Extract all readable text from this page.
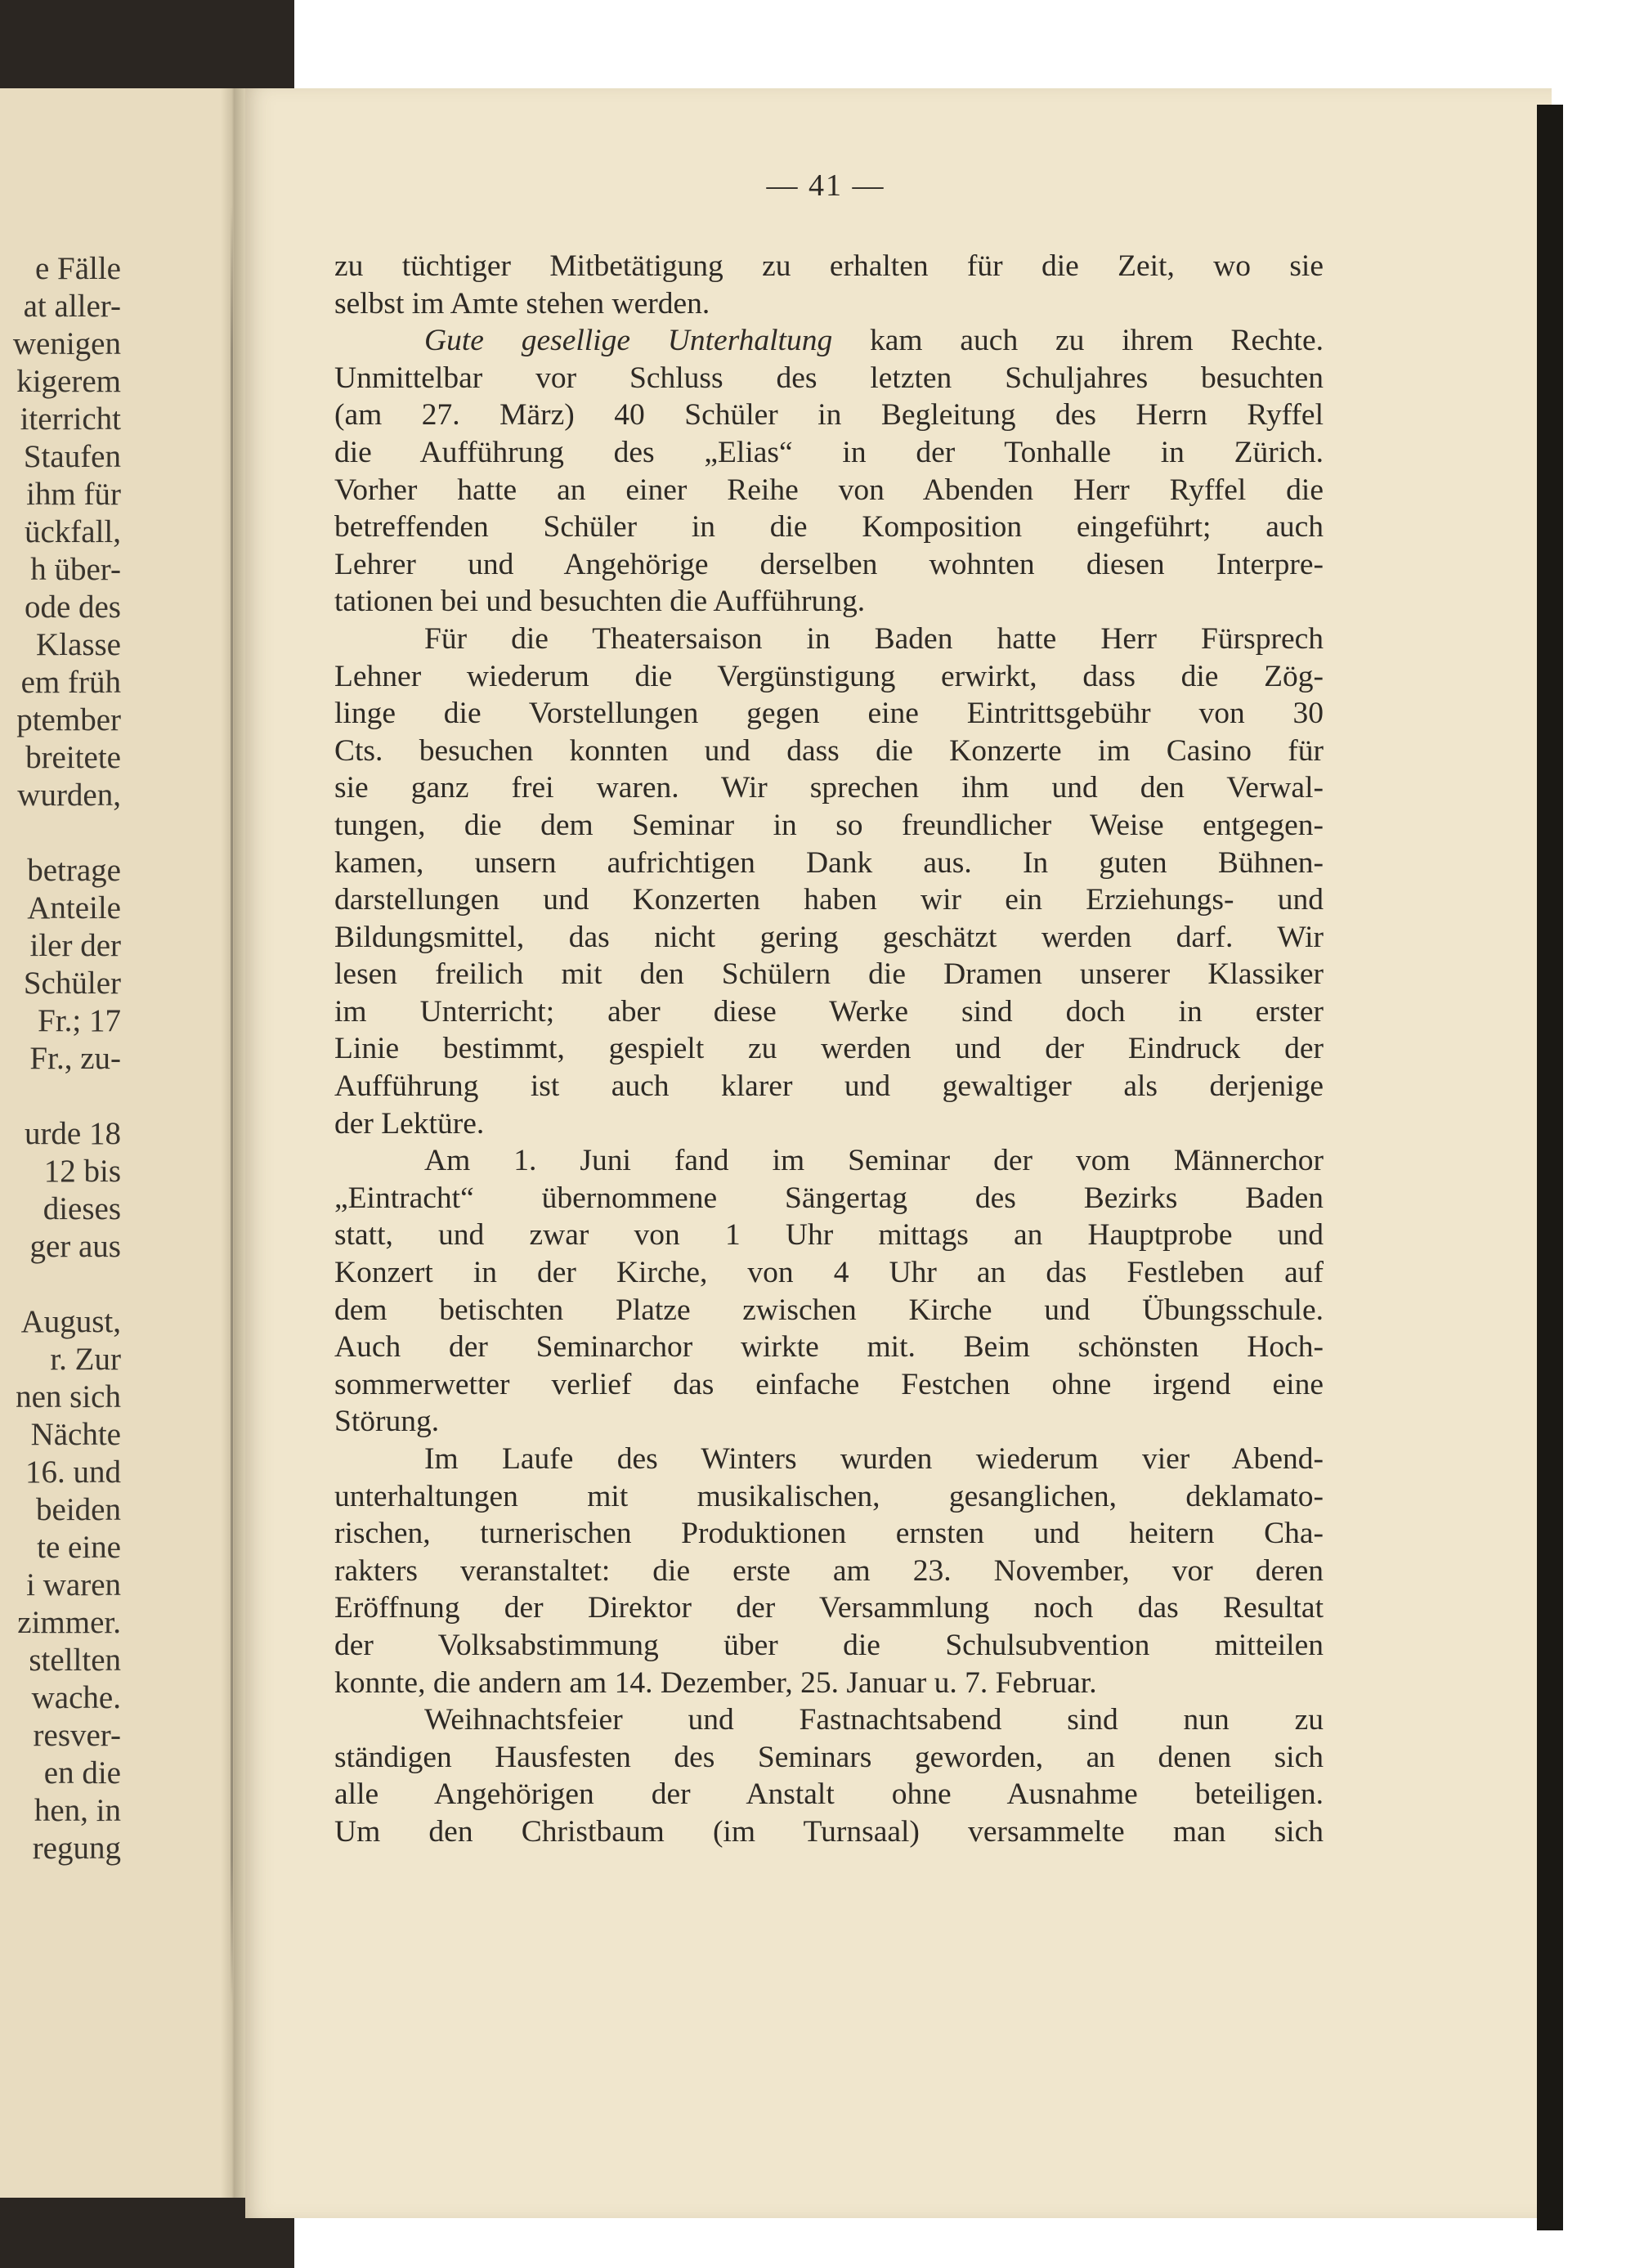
e Fälle
at aller-
wenigen
kigerem
iterricht
Staufen
ihm für
ückfall,
h über-
ode des
Klasse
em früh
ptember
breitete
wurden,
betrage
Anteile
iler der
Schüler
Fr.; 17
Fr., zu-
urde 18
12 bis
dieses
ger aus
August,
r. Zur
nen sich
Nächte
16. und
beiden
te eine
i waren
zimmer.
stellten
wache.
resver-
en die
hen, in
regung
— 41 —
zu tüchtiger Mitbetätigung zu erhalten für die Zeit, wo sie
selbst im Amte stehen werden.
Gute gesellige Unterhaltung kam auch zu ihrem Rechte.
Unmittelbar vor Schluss des letzten Schuljahres besuchten
(am 27. März) 40 Schüler in Begleitung des Herrn Ryffel
die Aufführung des „Elias“ in der Tonhalle in Zürich.
Vorher hatte an einer Reihe von Abenden Herr Ryffel die
betreffenden Schüler in die Komposition eingeführt; auch
Lehrer und Angehörige derselben wohnten diesen Interpre-
tationen bei und besuchten die Aufführung.
Für die Theatersaison in Baden hatte Herr Fürsprech
Lehner wiederum die Vergünstigung erwirkt, dass die Zög-
linge die Vorstellungen gegen eine Eintrittsgebühr von 30
Cts. besuchen konnten und dass die Konzerte im Casino für
sie ganz frei waren. Wir sprechen ihm und den Verwal-
tungen, die dem Seminar in so freundlicher Weise entgegen-
kamen, unsern aufrichtigen Dank aus. In guten Bühnen-
darstellungen und Konzerten haben wir ein Erziehungs- und
Bildungsmittel, das nicht gering geschätzt werden darf. Wir
lesen freilich mit den Schülern die Dramen unserer Klassiker
im Unterricht; aber diese Werke sind doch in erster
Linie bestimmt, gespielt zu werden und der Eindruck der
Aufführung ist auch klarer und gewaltiger als derjenige
der Lektüre.
Am 1. Juni fand im Seminar der vom Männerchor
„Eintracht“ übernommene Sängertag des Bezirks Baden
statt, und zwar von 1 Uhr mittags an Hauptprobe und
Konzert in der Kirche, von 4 Uhr an das Festleben auf
dem betischten Platze zwischen Kirche und Übungsschule.
Auch der Seminarchor wirkte mit. Beim schönsten Hoch-
sommerwetter verlief das einfache Festchen ohne irgend eine
Störung.
Im Laufe des Winters wurden wiederum vier Abend-
unterhaltungen mit musikalischen, gesanglichen, deklamato-
rischen, turnerischen Produktionen ernsten und heitern Cha-
rakters veranstaltet: die erste am 23. November, vor deren
Eröffnung der Direktor der Versammlung noch das Resultat
der Volksabstimmung über die Schulsubvention mitteilen
konnte, die andern am 14. Dezember, 25. Januar u. 7. Februar.
Weihnachtsfeier und Fastnachtsabend sind nun zu
ständigen Hausfesten des Seminars geworden, an denen sich
alle Angehörigen der Anstalt ohne Ausnahme beteiligen.
Um den Christbaum (im Turnsaal) versammelte man sich
